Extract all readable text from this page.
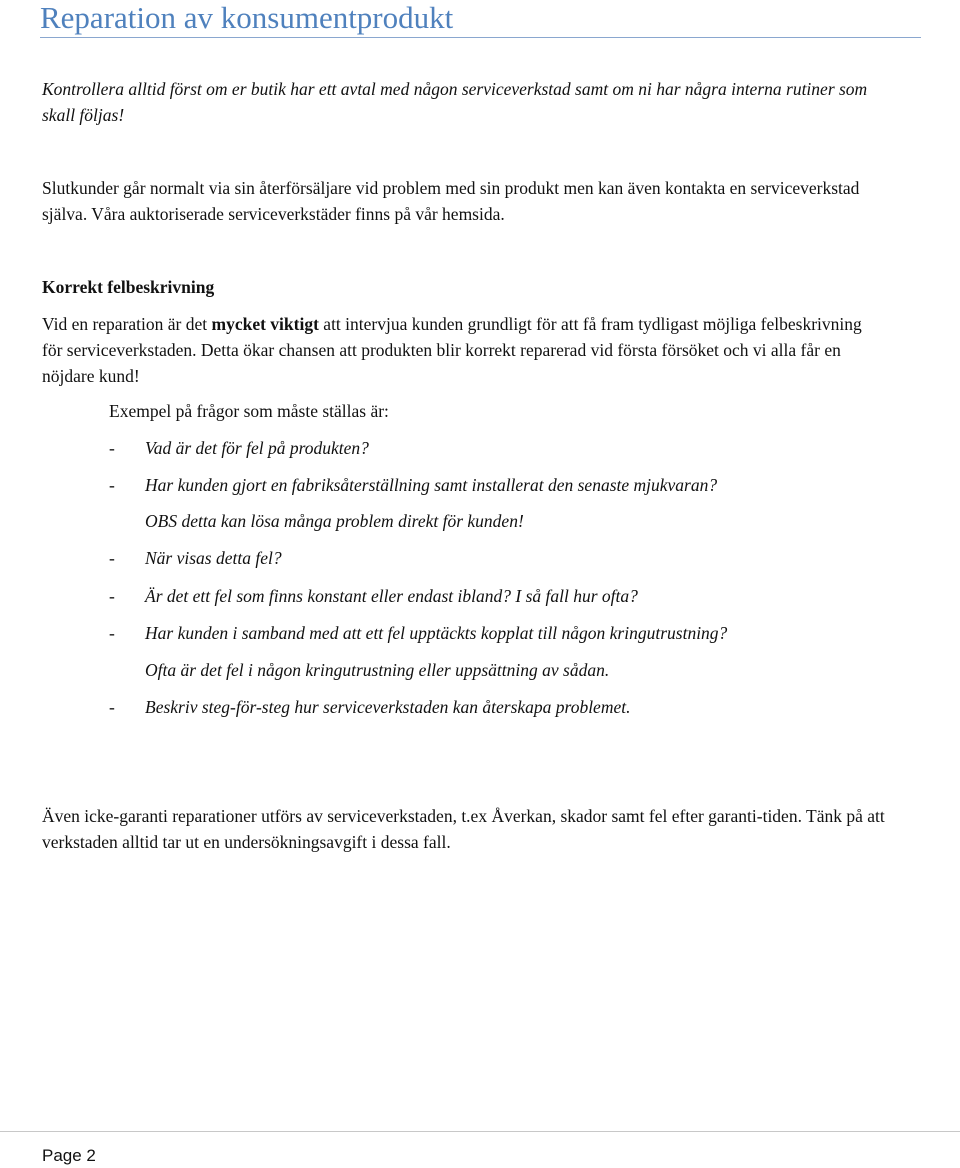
Reparation av konsumentprodukt

Kontrollera alltid först om er butik har ett avtal med någon serviceverkstad samt om ni har några interna rutiner som skall följas!

Slutkunder går normalt via sin återförsäljare vid problem med sin produkt men kan även kontakta en serviceverkstad själva. Våra auktoriserade serviceverkstäder finns på vår hemsida.

Korrekt felbeskrivning

Vid en reparation är det mycket viktigt att intervjua kunden grundligt för att få fram tydligast möjliga felbeskrivning för serviceverkstaden. Detta ökar chansen att produkten blir korrekt reparerad vid första försöket och vi alla får en nöjdare kund!

Exempel på frågor som måste ställas är:

- Vad är det för fel på produkten?

- Har kunden gjort en fabriksåterställning samt installerat den senaste mjukvaran?

OBS detta kan lösa många problem direkt för kunden!

- När visas detta fel?

- Är det ett fel som finns konstant eller endast ibland? I så fall hur ofta?

- Har kunden i samband med att ett fel upptäckts kopplat till någon kringutrustning?

Ofta är det fel i någon kringutrustning eller uppsättning av sådan.

- Beskriv steg-för-steg hur serviceverkstaden kan återskapa problemet.

Även icke-garanti reparationer utförs av serviceverkstaden, t.ex Åverkan, skador samt fel efter garanti-tiden. Tänk på att verkstaden alltid tar ut en undersökningsavgift i dessa fall.

Page 2
